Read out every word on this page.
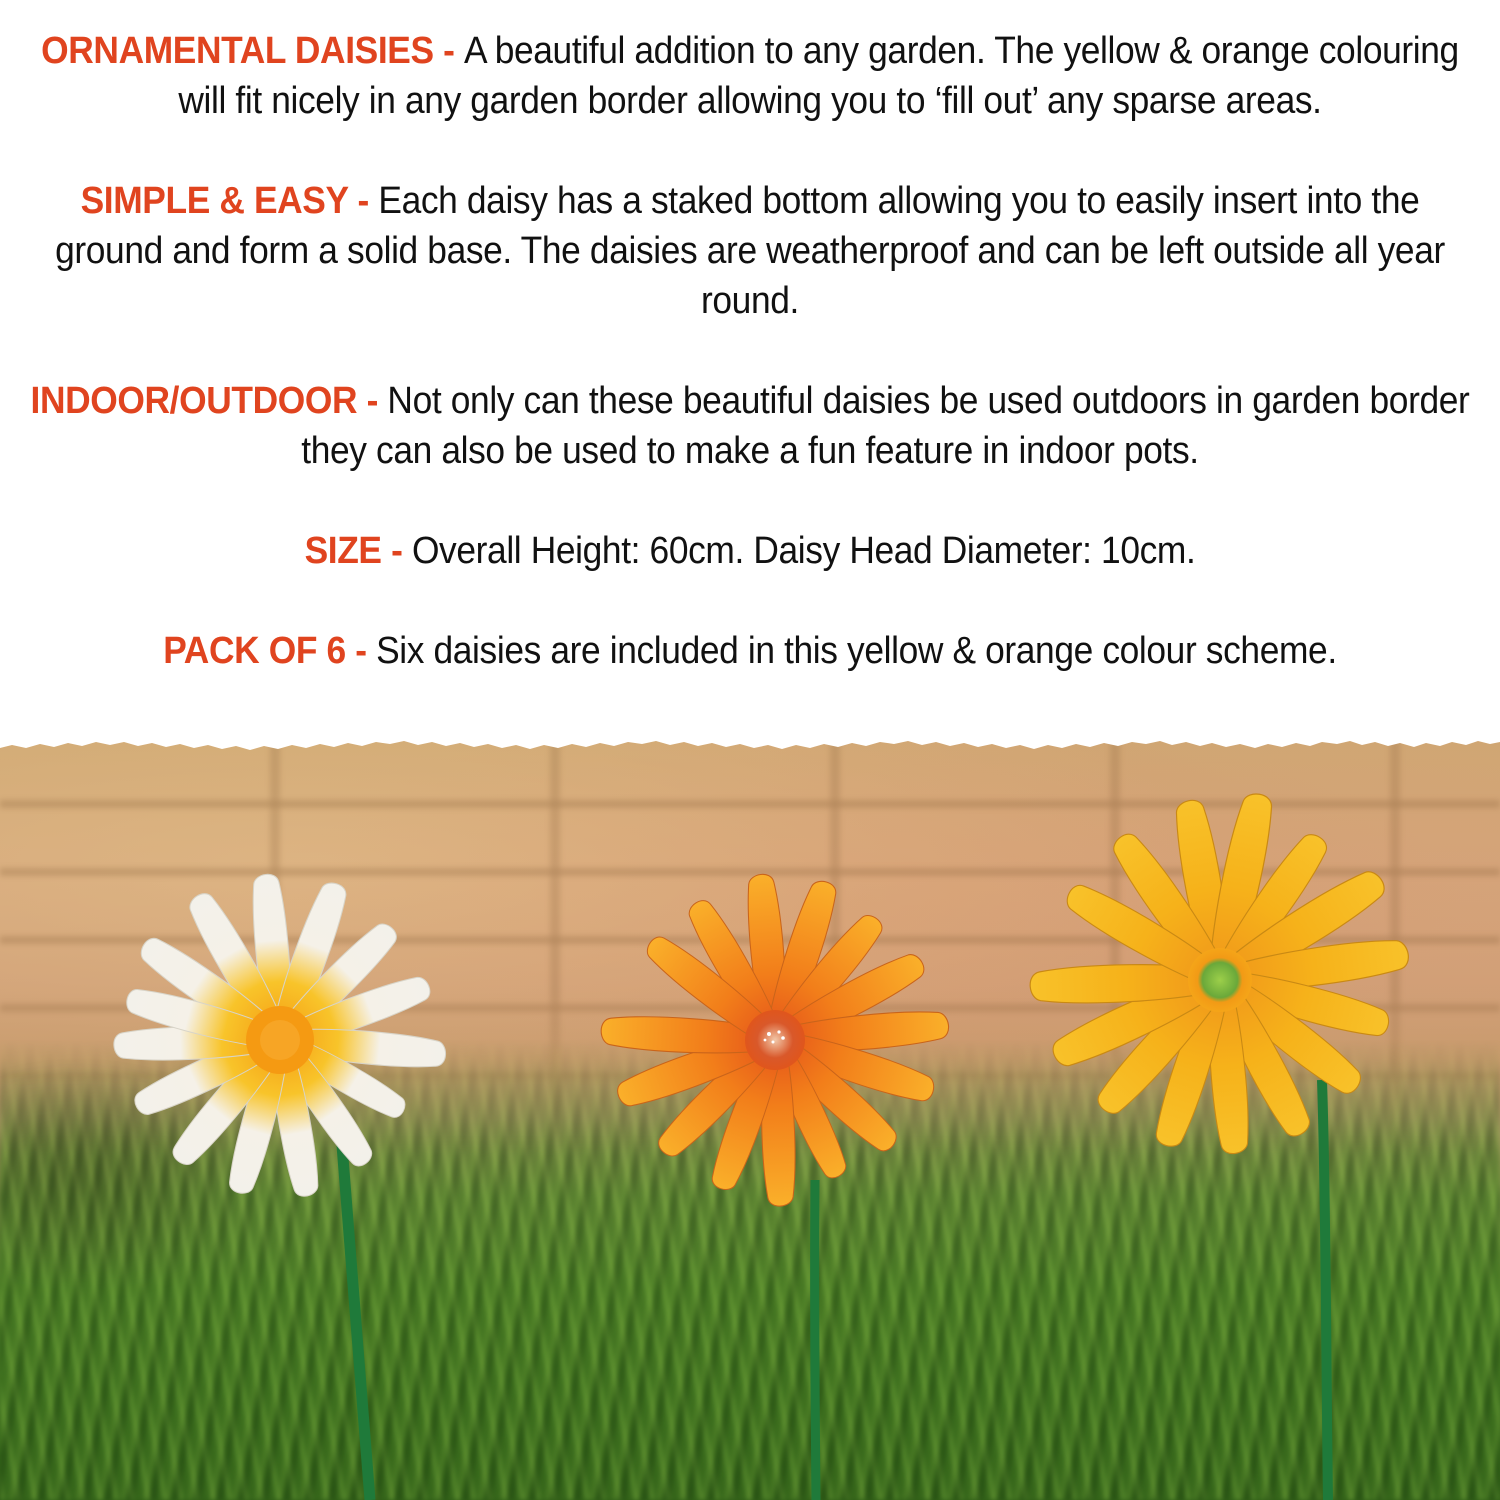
ORNAMENTAL DAISIES - A beautiful addition to any garden. The yellow & orange colouring will fit nicely in any garden border allowing you to ‘fill out’ any sparse areas.

SIMPLE & EASY - Each daisy has a staked bottom allowing you to easily insert into the ground and form a solid base. The daisies are weatherproof and can be left outside all year round.

INDOOR/OUTDOOR - Not only can these beautiful daisies be used outdoors in garden border they can also be used to make a fun feature in indoor pots.

SIZE - Overall Height: 60cm. Daisy Head Diameter: 10cm.

PACK OF 6 - Six daisies are included in this yellow & orange colour scheme.
